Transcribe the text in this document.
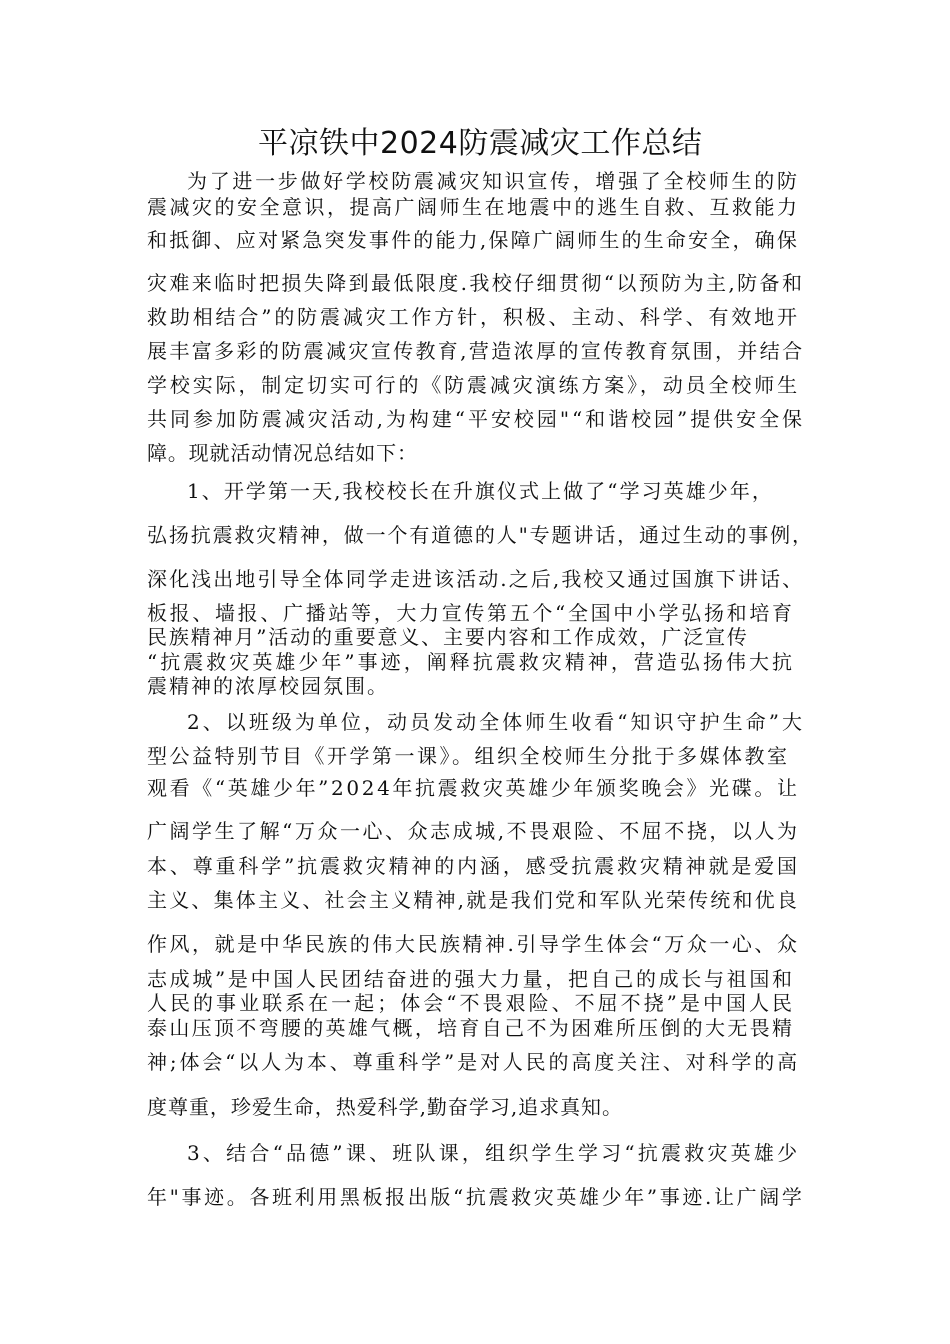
平凉铁中2024防震减灾工作总结
为了进一步做好学校防震减灾知识宣传，增强了全校师生的防
震减灾的安全意识，提高广阔师生在地震中的逃生自救、互救能力
和抵御、应对紧急突发事件的能力,保障广阔师生的生命安全，确保
灾难来临时把损失降到最低限度.我校仔细贯彻“以预防为主,防备和
救助相结合”的防震减灾工作方针，积极、主动、科学、有效地开
展丰富多彩的防震减灾宣传教育,营造浓厚的宣传教育氛围，并结合
学校实际，制定切实可行的《防震减灾演练方案》，动员全校师生
共同参加防震减灾活动,为构建“平安校园"“和谐校园”提供安全保
障。现就活动情况总结如下：
1、开学第一天,我校校长在升旗仪式上做了“学习英雄少年，
弘扬抗震救灾精神，做一个有道德的人"专题讲话，通过生动的事例，
深化浅出地引导全体同学走进该活动.之后,我校又通过国旗下讲话、
板报、墙报、广播站等，大力宣传第五个“全国中小学弘扬和培育
民族精神月”活动的重要意义、主要内容和工作成效，广泛宣传
“抗震救灾英雄少年”事迹，阐释抗震救灾精神，营造弘扬伟大抗
震精神的浓厚校园氛围。
2、以班级为单位，动员发动全体师生收看“知识守护生命”大
型公益特别节目《开学第一课》。组织全校师生分批于多媒体教室
观看《“英雄少年”2024年抗震救灾英雄少年颁奖晚会》光碟。让
广阔学生了解“万众一心、众志成城,不畏艰险、不屈不挠，以人为
本、尊重科学”抗震救灾精神的内涵，感受抗震救灾精神就是爱国
主义、集体主义、社会主义精神,就是我们党和军队光荣传统和优良
作风，就是中华民族的伟大民族精神.引导学生体会“万众一心、众
志成城”是中国人民团结奋进的强大力量，把自己的成长与祖国和
人民的事业联系在一起；体会“不畏艰险、不屈不挠”是中国人民
泰山压顶不弯腰的英雄气概，培育自己不为困难所压倒的大无畏精
神;体会“以人为本、尊重科学”是对人民的高度关注、对科学的高
度尊重，珍爱生命，热爱科学,勤奋学习,追求真知。
3、结合“品德”课、班队课，组织学生学习“抗震救灾英雄少
年"事迹。各班利用黑板报出版“抗震救灾英雄少年”事迹.让广阔学
